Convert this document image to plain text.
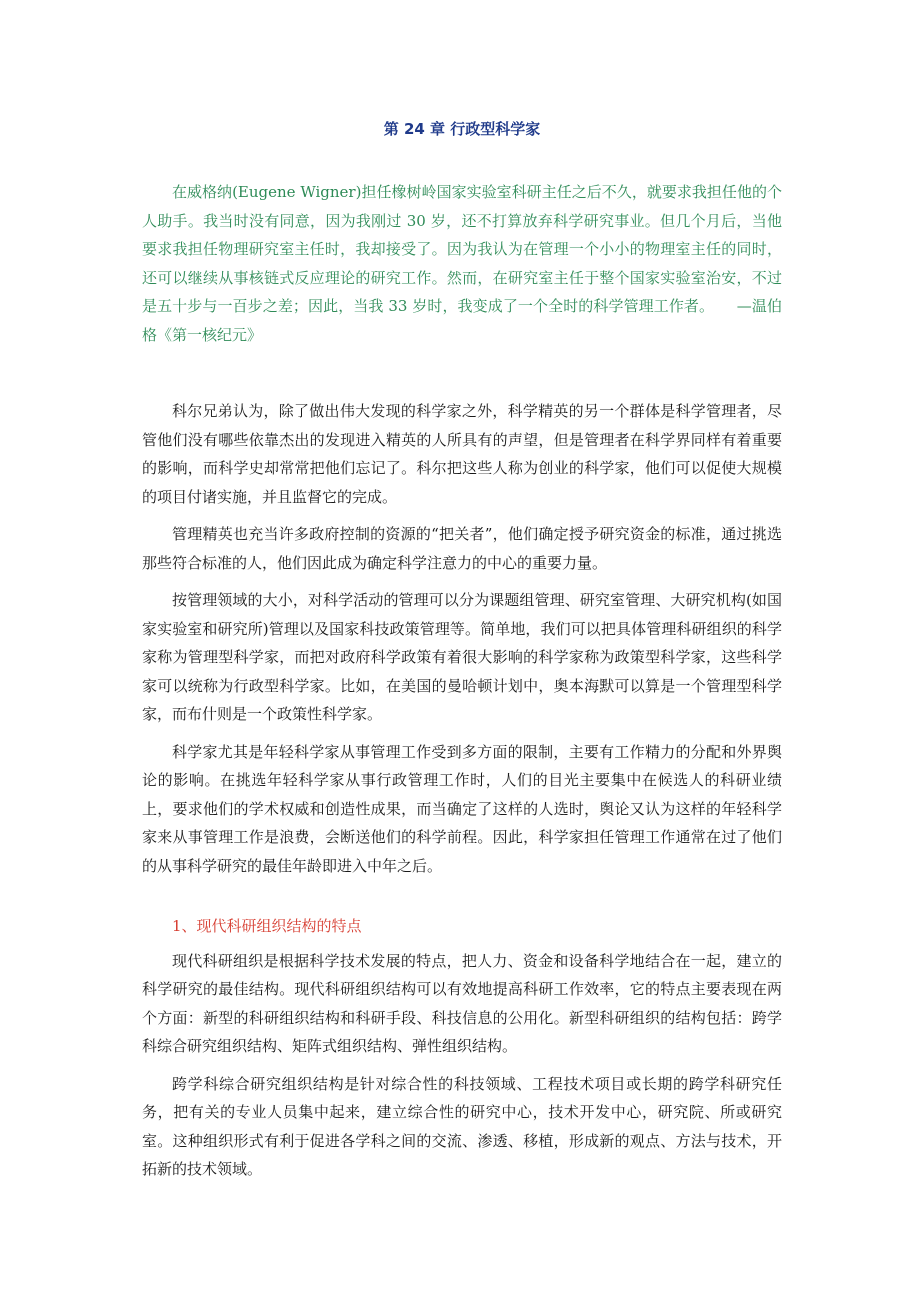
第 24 章 行政型科学家

在威格纳(Eugene Wigner)担任橡树岭国家实验室科研主任之后不久，就要求我担任他的个人助手。我当时没有同意，因为我刚过 30 岁，还不打算放弃科学研究事业。但几个月后，当他要求我担任物理研究室主任时，我却接受了。因为我认为在管理一个小小的物理室主任的同时，还可以继续从事核链式反应理论的研究工作。然而，在研究室主任于整个国家实验室治安，不过是五十步与一百步之差；因此，当我 33 岁时，我变成了一个全时的科学管理工作者。　　—温伯格《第一核纪元》

科尔兄弟认为，除了做出伟大发现的科学家之外，科学精英的另一个群体是科学管理者，尽管他们没有哪些依靠杰出的发现进入精英的人所具有的声望，但是管理者在科学界同样有着重要的影响，而科学史却常常把他们忘记了。科尔把这些人称为创业的科学家，他们可以促使大规模的项目付诸实施，并且监督它的完成。

管理精英也充当许多政府控制的资源的“把关者”，他们确定授予研究资金的标准，通过挑选那些符合标准的人，他们因此成为确定科学注意力的中心的重要力量。

按管理领域的大小，对科学活动的管理可以分为课题组管理、研究室管理、大研究机构(如国家实验室和研究所)管理以及国家科技政策管理等。简单地，我们可以把具体管理科研组织的科学家称为管理型科学家，而把对政府科学政策有着很大影响的科学家称为政策型科学家，这些科学家可以统称为行政型科学家。比如，在美国的曼哈顿计划中，奥本海默可以算是一个管理型科学家，而布什则是一个政策性科学家。

科学家尤其是年轻科学家从事管理工作受到多方面的限制，主要有工作精力的分配和外界舆论的影响。在挑选年轻科学家从事行政管理工作时，人们的目光主要集中在候选人的科研业绩上，要求他们的学术权威和创造性成果，而当确定了这样的人选时，舆论又认为这样的年轻科学家来从事管理工作是浪费，会断送他们的科学前程。因此，科学家担任管理工作通常在过了他们的从事科学研究的最佳年龄即进入中年之后。

1、现代科研组织结构的特点

现代科研组织是根据科学技术发展的特点，把人力、资金和设备科学地结合在一起，建立的科学研究的最佳结构。现代科研组织结构可以有效地提高科研工作效率，它的特点主要表现在两个方面：新型的科研组织结构和科研手段、科技信息的公用化。新型科研组织的结构包括：跨学科综合研究组织结构、矩阵式组织结构、弹性组织结构。

跨学科综合研究组织结构是针对综合性的科技领域、工程技术项目或长期的跨学科研究任务，把有关的专业人员集中起来，建立综合性的研究中心，技术开发中心，研究院、所或研究室。这种组织形式有利于促进各学科之间的交流、渗透、移植，形成新的观点、方法与技术，开拓新的技术领域。
